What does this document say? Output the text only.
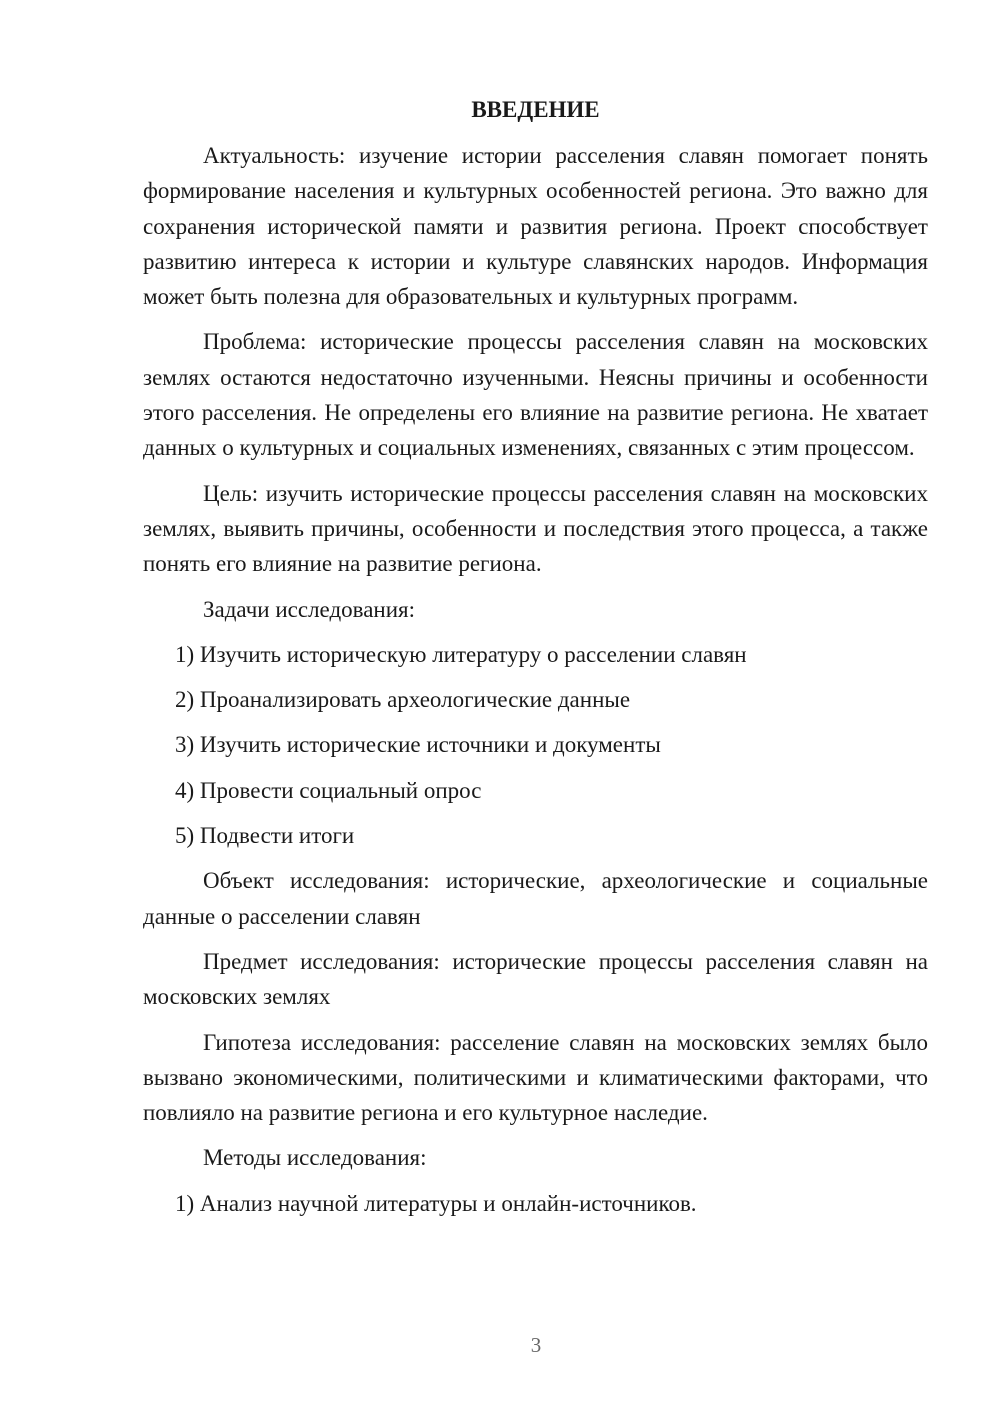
ВВЕДЕНИЕ

Актуальность: изучение истории расселения славян помогает понять формирование населения и культурных особенностей региона. Это важно для сохранения исторической памяти и развития региона. Проект способствует развитию интереса к истории и культуре славянских народов. Информация может быть полезна для образовательных и культурных программ.

Проблема: исторические процессы расселения славян на московских землях остаются недостаточно изученными. Неясны причины и особенности этого расселения. Не определены его влияние на развитие региона. Не хватает данных о культурных и социальных изменениях, связанных с этим процессом.

Цель: изучить исторические процессы расселения славян на московских землях, выявить причины, особенности и последствия этого процесса, а также понять его влияние на развитие региона.

Задачи исследования:

1) Изучить историческую литературу о расселении славян
2) Проанализировать археологические данные
3) Изучить исторические источники и документы
4) Провести социальный опрос
5) Подвести итоги

Объект исследования: исторические, археологические и социальные данные о расселении славян

Предмет исследования: исторические процессы расселения славян на московских землях

Гипотеза исследования: расселение славян на московских землях было вызвано экономическими, политическими и климатическими факторами, что повлияло на развитие региона и его культурное наследие.

Методы исследования:

1) Анализ научной литературы и онлайн-источников.
3
